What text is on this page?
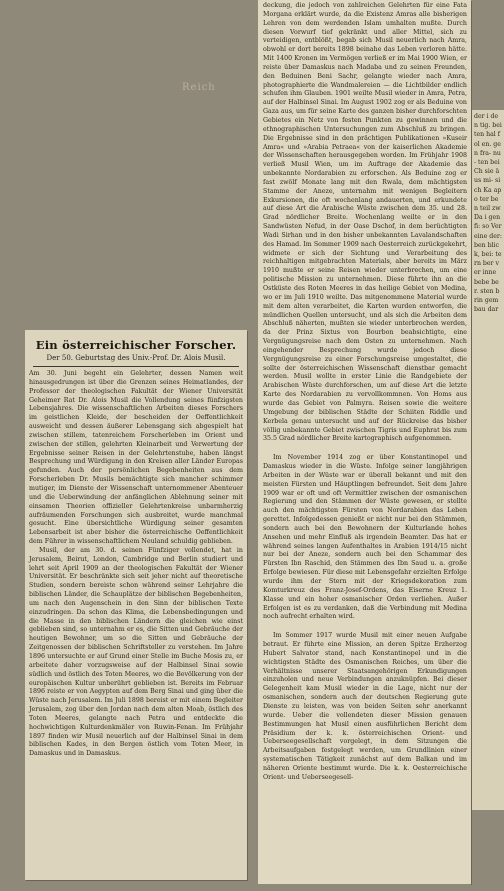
Reich

der i den tig. bei ten hal fol en. gen fra- nu- ten bei Ch sie äus mi- sich Ka apo ter ben teil zw Da i gen fi: so Ver eine der: ben blick, bei: tern ber ver inne bebe ber. sten brin gem bau dar

Ein österreichischer Forscher.
Der 50. Geburtstag des Univ.-Prof. Dr. Alois Musil.

Am 30. Juni begeht ein Gelehrter, dessen Namen weit hinausgedrungen ist über die Grenzen seines Heimatlandes, der Professor der theologischen Fakultät der Wiener Universität Geheimer Rat Dr. Alois Musil die Vollendung seines fünfzigsten Lebensjahres. Die wissenschaftlichen Arbeiten dieses Forschers im geistlichen Kleide, der bescheiden der Oeffentlichkeit ausweicht und dessen äußerer Lebensgang sich abgespielt hat zwischen stillem, tatenreichem Forscherleben im Orient und zwischen der stillen, gelehrten Kleinarbeit und Verwertung der Ergebnisse seiner Reisen in der Gelehrtenstube, haben längst Besprechung und Würdigung in den Kreisen aller Länder Europas gefunden. Auch der persönlichen Begebenheiten aus dem Forscherleben Dr. Musils bemächtigte sich mancher schimmer mutiger, im Dienste der Wissenschaft unternommener Abenteuer und die Ueberwindung der anfänglichen Ablehnung seiner mit einsamen Theorien offizieller Gelehrtenkreise unbarmherzig aufräumenden Forschungen sich ausbreitet, wurde manchmal gesucht. Eine übersichtliche Würdigung seiner gesamten Lebensarbeit ist aber bisher die österreichische Oeffentlichkeit dem Führer in wissenschaftlichem Neuland schuldig geblieben.

Musil, der am 30. d. seinen Fünfziger vollendet, hat in Jerusalem, Beirut, London, Cambridge und Berlin studiert und lehrt seit April 1909 an der theologischen Fakultät der Wiener Universität. Er beschränkte sich seit jeher nicht auf theoretische Studien, sondern bereiste schon während seiner Lehrjahre die biblischen Länder, die Schauplätze der biblischen Begebenheiten, um nach den Augenschein in den Sinn der biblischen Texte einzudringen. Da schon das Klima, die Lebensbedingungen und die Masse in den biblischen Ländern die gleichen wie einst geblieben sind, so unternahm er es, die Sitten und Gebräuche der heutigen Bewohner, um so die Sitten und Gebräuche der Zeitgenossen der biblischen Schriftsteller zu verstehen. Im Jahre 1896 untersuchte er auf Grund einer Stelle im Buche Mosis zu, er arbeitete daher vorzugsweise auf der Halbinsel Sinai sowie südlich und östlich des Toten Meeres, wo die Bevölkerung von der europäischen Kultur unberührt geblieben ist. Bereits im Februar 1896 reiste er von Aegypten auf dem Berg Sinai und ging über die Wüste nach Jerusalem. Im Juli 1898 bereist er mit einem Begleiter Jerusalem, zog über den Jordan nach dem alten Moab, östlich des Toten Meeres, gelangte nach Petra und entdeckte die hochwichtigen Kulturdenkmäler von Ruwin-Fenan. Im Frühjahr 1897 finden wir Musil neuerlich auf der Halbinsel Sinai in dem biblischen Kades, in den Bergen östlich vom Toten Meer, in Damaskus und in Damaskus.

deckung, die jedoch von zahlreichen Gelehrten für eine Fata Morgana erklärt wurde, da die Existenz Amras alle bisherigen Lehren von dem werdenden Islam umhalten mußte. Durch diesen Vorwurf tief gekränkt und aller Mittel, sich zu verteidigen, entblößt, begab sich Musil neuerlich nach Amra, obwohl er dort bereits 1898 beinahe das Leben verloren hätte. Mit 1400 Kronen im Vermögen verließ er im Mai 1900 Wien, er reiste über Damaskus nach Madaba und zu seinen Freunden, den Beduinen Beni Sachr, gelangte wieder nach Amra, photographierte die Wandmalereien — die Lichtbilder endlich schufen ihm Glauben. 1901 weilte Musil wieder in Amra, Petra, auf der Halbinsel Sinai. Im August 1902 zog er als Beduine von Gaza aus, um für seine Karte des ganzen bisher durchforschten Gebietes ein Netz von festen Punkten zu gewinnen und die ethnographischen Untersuchungen zum Abschluß zu bringen. Die Ergebnisse sind in den prächtigen Publikationen »Kuseir Amra« und »Arabia Petraea« von der kaiserlichen Akademie der Wissenschaften herausgegeben worden. Im Frühjahr 1908 verließ Musil Wien, um im Auftrage der Akademie das unbekannte Nordarabien zu erforschen. Als Beduine zog er fast zwölf Monate lang mit den Rwala, dem mächtigsten Stamme der Aneze, unternahm mit wenigen Begleitern Exkursionen, die oft wochenlang andauerten, und erkundete auf diese Art die Arabische Wüste zwischen dem 35. und 28. Grad nördlicher Breite. Wochenlang weilte er in den Sandwüsten Nefud, in der Oase Dschof, in dem berüchtigten Wadi Sirhan und in den bisher unbekannten Lavalandschaften des Hamad. Im Sommer 1909 nach Oesterreich zurückgekehrt, widmete er sich der Sichtung und Verarbeitung des reichhaltigen mitgebrachten Materials, aber bereits im März 1910 mußte er seine Reisen wieder unterbrechen, um eine politische Mission zu unternehmen. Diese führte ihn an die Ostküste des Roten Meeres in das heilige Gebiet von Medina, wo er im Juli 1910 weilte. Das mitgenommene Material wurde mit dem alten verarbeitet, die Karten wurden entworfen, die mündlichen Quellen untersucht, und als sich die Arbeiten dem Abschluß näherten, mußten sie wieder unterbrochen werden, da der Prinz Sixtus von Bourbon beabsichtigte, eine Vergnügungsreise nach dem Osten zu unternehmen. Nach eingehender Besprechung wurde jedoch diese Vergnügungsreise zu einer Forschungsreise umgestaltet, die sollte der österreichischen Wissenschaft dienstbar gemacht werden. Musil wollte in erster Linie die Randgebiete der Arabischen Wüste durchforschen, um auf diese Art die letzte Karte des Nordarabien zu vervollkommnen. Von Homs aus wurde das Gebiet von Palmyra. Reisen sowie die weitere Umgebung der biblischen Städte der Schiiten Riddle und Kerbela genau untersucht und auf der Rückreise das bisher völlig unbekannte Gebiet zwischen Tigris und Euphrat bis zum 35.5 Grad nördlicher Breite kartographisch aufgenommen.

Im November 1914 zog er über Konstantinopel und Damaskus wieder in die Wüste. Infolge seiner langjährigen Arbeiten in der Wüste war er überall bekannt und mit den meisten Fürsten und Häuptlingen befreundet. Seit dem Jahre 1909 war er oft und oft Vermittler zwischen der osmanischen Regierung und den Stämmen der Wüste gewesen, er stellte auch den mächtigsten Fürsten von Nordarabien das Leben gerettet. Infolgedessen genießt er nicht nur bei den Stämmen, sondern auch bei den Bewohnern der Kulturlande hohes Ansehen und mehr Einfluß als irgendein Beamter. Das hat er während seines langen Aufenthaltes in Arabien 1914/15 nicht nur bei der Aneze, sondern auch bei den Schammar des Fürsten Ibn Raschid, den Stämmen des Ibn Saud u. a. große Erfolge bewiesen. Für diese mit Lebensgefahr erzielten Erfolge wurde ihm der Stern mit der Kriegsdekoration zum Komturkreuz des Franz-Josef-Ordens, das Eiserne Kreuz 1. Klasse und ein hoher osmanischer Orden verliehen. Außer Erfolgen ist es zu verdanken, daß die Verbindung mit Medina noch aufrecht erhalten wird.

Im Sommer 1917 wurde Musil mit einer neuen Aufgabe betraut. Er führte eine Mission, an deren Spitze Erzherzog Hubert Salvator stand, nach Konstantinopel und in die wichtigsten Städte des Osmanischen Reiches, um über die Verhältnisse unserer Staatsangehörigen Erkundigungen einzuholen und neue Verbindungen anzuknüpfen. Bei dieser Gelegenheit kam Musil wieder in die Lage, nicht nur der osmanischen, sondern auch der deutschen Regierung gute Dienste zu leisten, was von beiden Seiten sehr anerkannt wurde. Ueber die vollendeten dieser Mission genauen Bestimmungen hat Musil einen ausführlichen Bericht dem Präsidium der k. k. österreichischen Orient- und Ueberseegesellschaft vorgelegt, in dem Sitzungen die Arbeitsaufgaben festgelegt werden, um Grundlinien einer systematischen Tätigkeit zunächst auf dem Balkan und im näheren Oriente bestimmt wurde. Die k. k. Oesterreichische Orient- und Ueberseegesell-
